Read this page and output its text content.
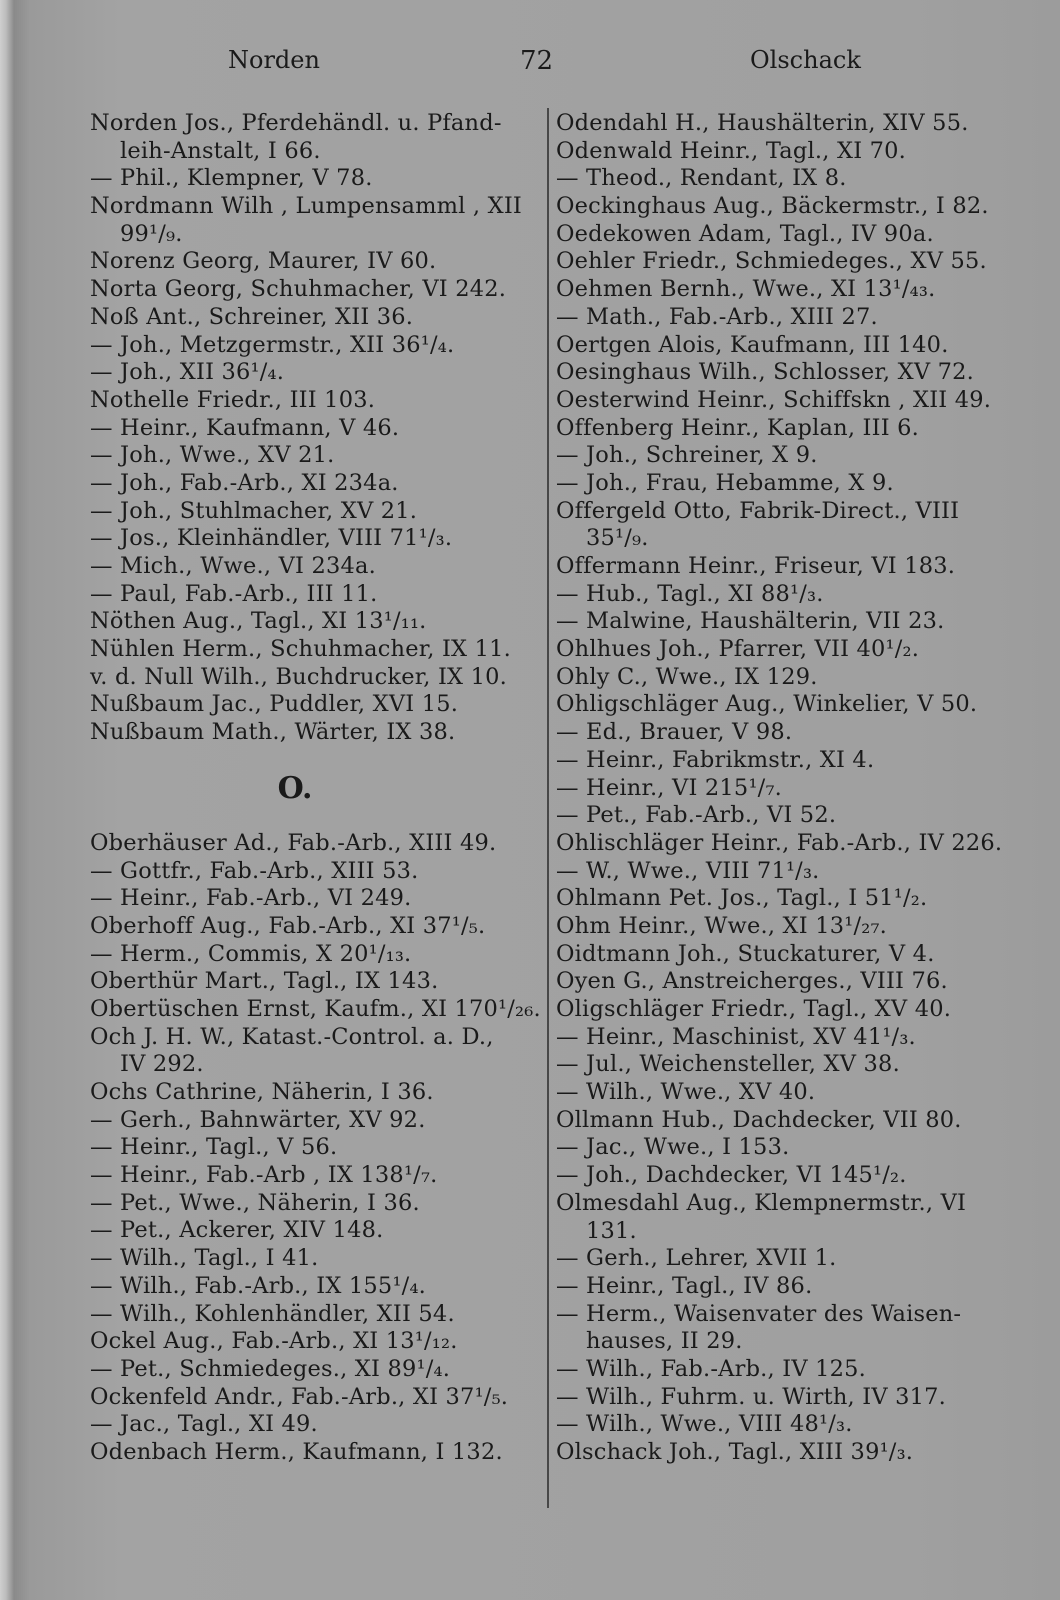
Norden	72	Olschack
Norden Jos., Pferdehändl. u. Pfand-
leih-Anstalt, I 66.
— Phil., Klempner, V 78.
Nordmann Wilh , Lumpensamml , XII
99¹/₉.
Norenz Georg, Maurer, IV 60.
Norta Georg, Schuhmacher, VI 242.
Noß Ant., Schreiner, XII 36.
— Joh., Metzgermstr., XII 36¹/₄.
— Joh., XII 36¹/₄.
Nothelle Friedr., III 103.
— Heinr., Kaufmann, V 46.
— Joh., Wwe., XV 21.
— Joh., Fab.-Arb., XI 234a.
— Joh., Stuhlmacher, XV 21.
— Jos., Kleinhändler, VIII 71¹/₃.
— Mich., Wwe., VI 234a.
— Paul, Fab.-Arb., III 11.
Nöthen Aug., Tagl., XI 13¹/₁₁.
Nühlen Herm., Schuhmacher, IX 11.
v. d. Null Wilh., Buchdrucker, IX 10.
Nußbaum Jac., Puddler, XVI 15.
Nußbaum Math., Wärter, IX 38.
O.
Oberhäuser Ad., Fab.-Arb., XIII 49.
— Gottfr., Fab.-Arb., XIII 53.
— Heinr., Fab.-Arb., VI 249.
Oberhoff Aug., Fab.-Arb., XI 37¹/₅.
— Herm., Commis, X 20¹/₁₃.
Oberthür Mart., Tagl., IX 143.
Obertüschen Ernst, Kaufm., XI 170¹/₂₆.
Och J. H. W., Katast.-Control. a. D.,
IV 292.
Ochs Cathrine, Näherin, I 36.
— Gerh., Bahnwärter, XV 92.
— Heinr., Tagl., V 56.
— Heinr., Fab.-Arb , IX 138¹/₇.
— Pet., Wwe., Näherin, I 36.
— Pet., Ackerer, XIV 148.
— Wilh., Tagl., I 41.
— Wilh., Fab.-Arb., IX 155¹/₄.
— Wilh., Kohlenhändler, XII 54.
Ockel Aug., Fab.-Arb., XI 13¹/₁₂.
— Pet., Schmiedeges., XI 89¹/₄.
Ockenfeld Andr., Fab.-Arb., XI 37¹/₅.
— Jac., Tagl., XI 49.
Odenbach Herm., Kaufmann, I 132.
Odendahl H., Haushälterin, XIV 55.
Odenwald Heinr., Tagl., XI 70.
— Theod., Rendant, IX 8.
Oeckinghaus Aug., Bäckermstr., I 82.
Oedekowen Adam, Tagl., IV 90a.
Oehler Friedr., Schmiedeges., XV 55.
Oehmen Bernh., Wwe., XI 13¹/₄₃.
— Math., Fab.-Arb., XIII 27.
Oertgen Alois, Kaufmann, III 140.
Oesinghaus Wilh., Schlosser, XV 72.
Oesterwind Heinr., Schiffskn , XII 49.
Offenberg Heinr., Kaplan, III 6.
— Joh., Schreiner, X 9.
— Joh., Frau, Hebamme, X 9.
Offergeld Otto, Fabrik-Direct., VIII
35¹/₉.
Offermann Heinr., Friseur, VI 183.
— Hub., Tagl., XI 88¹/₃.
— Malwine, Haushälterin, VII 23.
Ohlhues Joh., Pfarrer, VII 40¹/₂.
Ohly C., Wwe., IX 129.
Ohligschläger Aug., Winkelier, V 50.
— Ed., Brauer, V 98.
— Heinr., Fabrikmstr., XI 4.
— Heinr., VI 215¹/₇.
— Pet., Fab.-Arb., VI 52.
Ohlischläger Heinr., Fab.-Arb., IV 226.
— W., Wwe., VIII 71¹/₃.
Ohlmann Pet. Jos., Tagl., I 51¹/₂.
Ohm Heinr., Wwe., XI 13¹/₂₇.
Oidtmann Joh., Stuckaturer, V 4.
Oyen G., Anstreicherges., VIII 76.
Oligschläger Friedr., Tagl., XV 40.
— Heinr., Maschinist, XV 41¹/₃.
— Jul., Weichensteller, XV 38.
— Wilh., Wwe., XV 40.
Ollmann Hub., Dachdecker, VII 80.
— Jac., Wwe., I 153.
— Joh., Dachdecker, VI 145¹/₂.
Olmesdahl Aug., Klempnermstr., VI
131.
— Gerh., Lehrer, XVII 1.
— Heinr., Tagl., IV 86.
— Herm., Waisenvater des Waisen-
hauses, II 29.
— Wilh., Fab.-Arb., IV 125.
— Wilh., Fuhrm. u. Wirth, IV 317.
— Wilh., Wwe., VIII 48¹/₃.
Olschack Joh., Tagl., XIII 39¹/₃.
